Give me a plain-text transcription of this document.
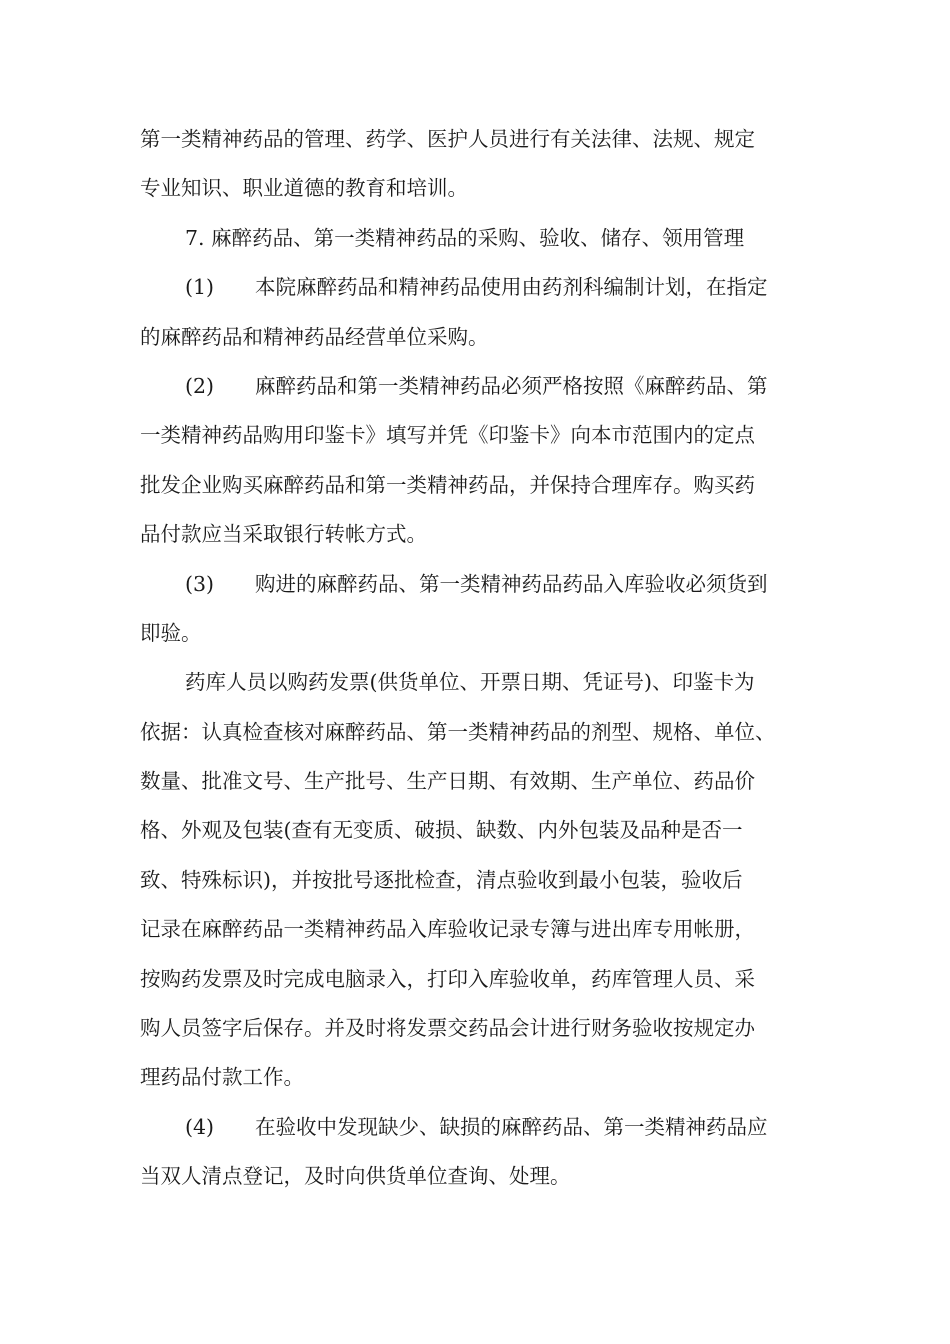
第一类精神药品的管理、药学、医护人员进行有关法律、法规、规定
专业知识、职业道德的教育和培训。
7. 麻醉药品、第一类精神药品的采购、验收、储存、领用管理
(1) 本院麻醉药品和精神药品使用由药剂科编制计划，在指定
的麻醉药品和精神药品经营单位采购。
(2) 麻醉药品和第一类精神药品必须严格按照《麻醉药品、第
一类精神药品购用印鉴卡》填写并凭《印鉴卡》向本市范围内的定点
批发企业购买麻醉药品和第一类精神药品，并保持合理库存。购买药
品付款应当采取银行转帐方式。
(3) 购进的麻醉药品、第一类精神药品药品入库验收必须货到
即验。
药库人员以购药发票(供货单位、开票日期、凭证号)、印鉴卡为
依据：认真检查核对麻醉药品、第一类精神药品的剂型、规格、单位、
数量、批准文号、生产批号、生产日期、有效期、生产单位、药品价
格、外观及包装(查有无变质、破损、缺数、内外包装及品种是否一
致、特殊标识)，并按批号逐批检查，清点验收到最小包装，验收后
记录在麻醉药品一类精神药品入库验收记录专簿与进出库专用帐册，
按购药发票及时完成电脑录入，打印入库验收单，药库管理人员、采
购人员签字后保存。并及时将发票交药品会计进行财务验收按规定办
理药品付款工作。
(4) 在验收中发现缺少、缺损的麻醉药品、第一类精神药品应
当双人清点登记，及时向供货单位查询、处理。
